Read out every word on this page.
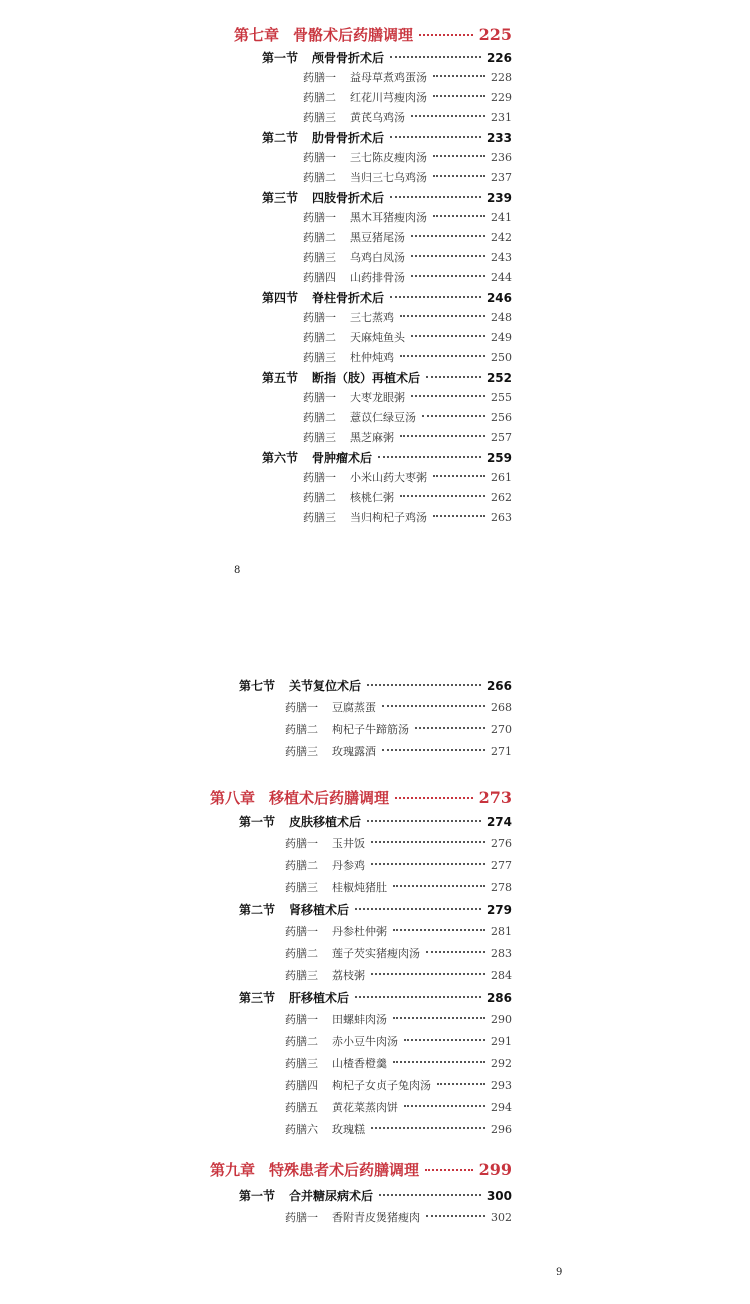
第七章 骨骼术后药膳调理	225
第一节 颅骨骨折术后	226
药膳一 益母草煮鸡蛋汤	228
药膳二 红花川芎瘦肉汤	229
药膳三 黄芪乌鸡汤	231
第二节 肋骨骨折术后	233
药膳一 三七陈皮瘦肉汤	236
药膳二 当归三七乌鸡汤	237
第三节 四肢骨折术后	239
药膳一 黑木耳猪瘦肉汤	241
药膳二 黑豆猪尾汤	242
药膳三 乌鸡白凤汤	243
药膳四 山药排骨汤	244
第四节 脊柱骨折术后	246
药膳一 三七蒸鸡	248
药膳二 天麻炖鱼头	249
药膳三 杜仲炖鸡	250
第五节 断指（肢）再植术后	252
药膳一 大枣龙眼粥	255
药膳二 薏苡仁绿豆汤	256
药膳三 黑芝麻粥	257
第六节 骨肿瘤术后	259
药膳一 小米山药大枣粥	261
药膳二 核桃仁粥	262
药膳三 当归枸杞子鸡汤	263
8
第七节 关节复位术后	266
药膳一 豆腐蒸蛋	268
药膳二 枸杞子牛蹄筋汤	270
药膳三 玫瑰露酒	271
第八章 移植术后药膳调理	273
第一节 皮肤移植术后	274
药膳一 玉井饭	276
药膳二 丹参鸡	277
药膳三 桂椒炖猪肚	278
第二节 肾移植术后	279
药膳一 丹参杜仲粥	281
药膳二 莲子芡实猪瘦肉汤	283
药膳三 荔枝粥	284
第三节 肝移植术后	286
药膳一 田螺蚌肉汤	290
药膳二 赤小豆牛肉汤	291
药膳三 山楂香橙羹	292
药膳四 枸杞子女贞子兔肉汤	293
药膳五 黄花菜蒸肉饼	294
药膳六 玫瑰糕	296
第九章 特殊患者术后药膳调理	299
第一节 合并糖尿病术后	300
药膳一 香附青皮煲猪瘦肉	302
9
